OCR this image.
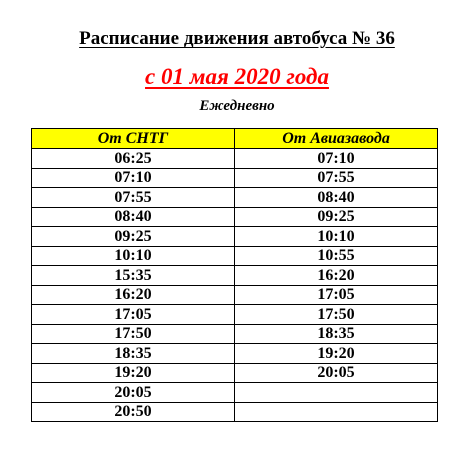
Расписание движения автобуса № 36
с 01 мая 2020 года
Ежедневно
От СНТГ	От Авиазавода
06:25	07:10
07:10	07:55
07:55	08:40
08:40	09:25
09:25	10:10
10:10	10:55
15:35	16:20
16:20	17:05
17:05	17:50
17:50	18:35
18:35	19:20
19:20	20:05
20:05	
20:50	
